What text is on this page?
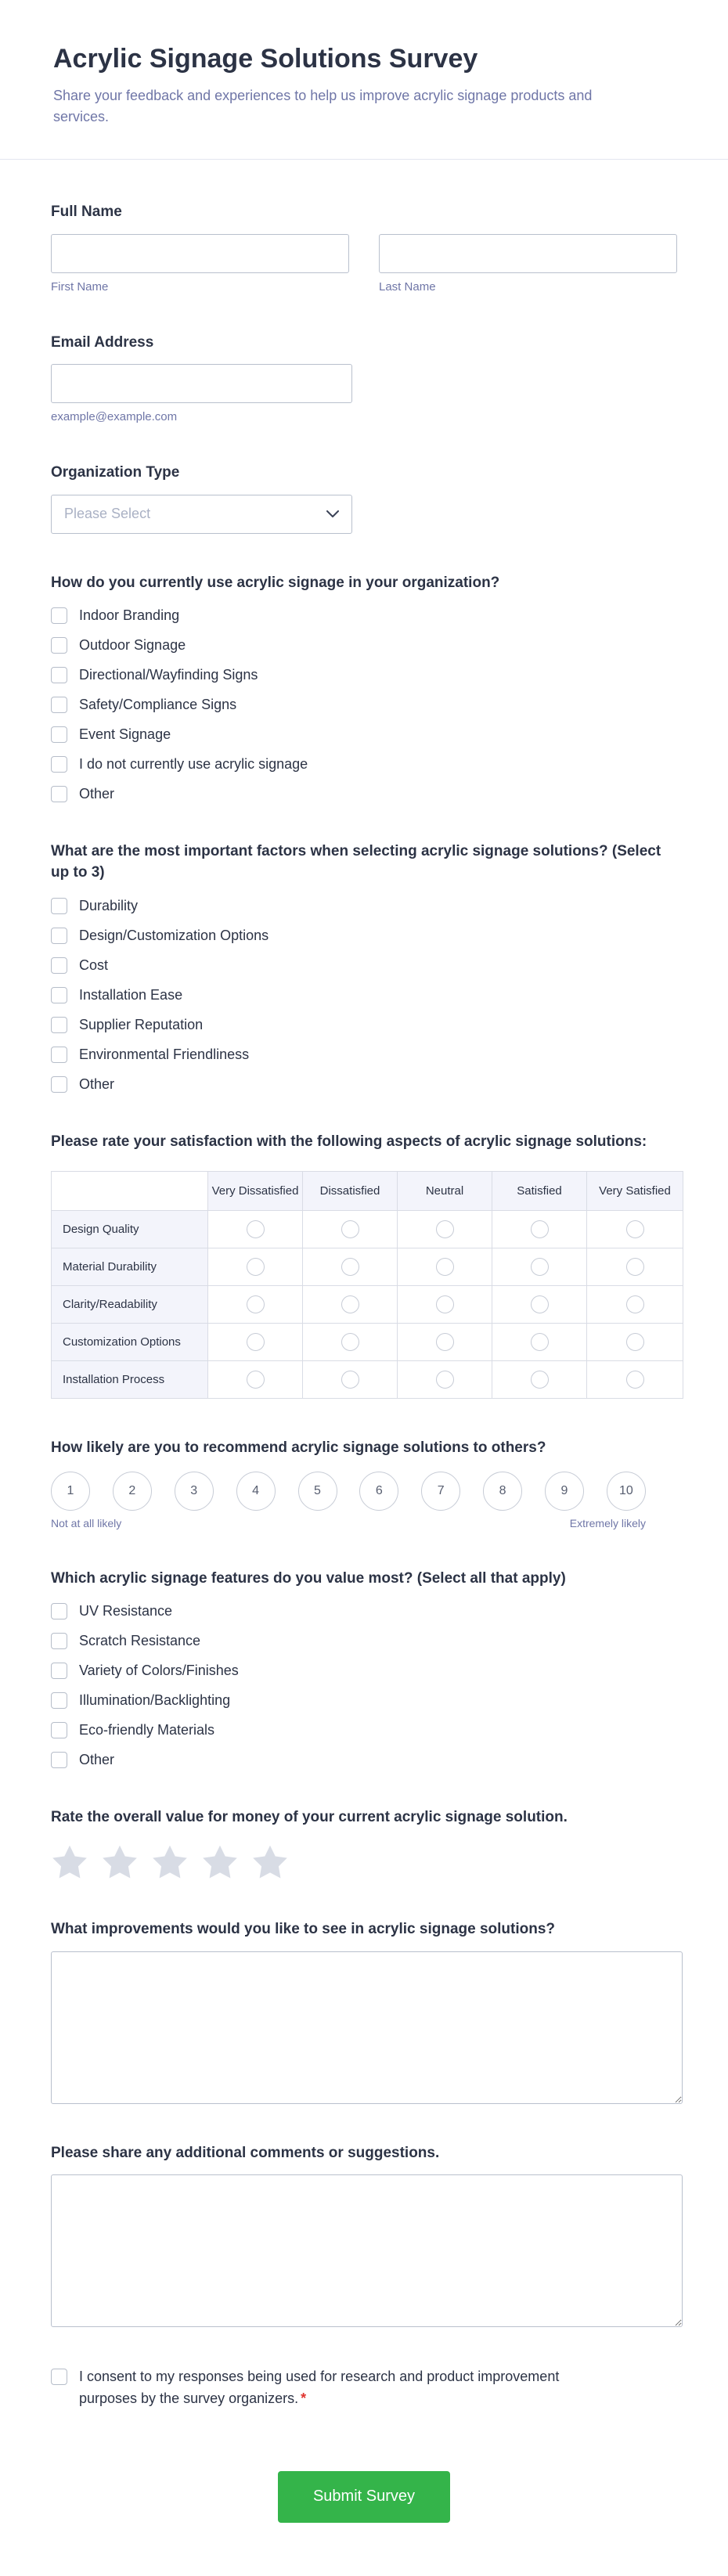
Acrylic Signage Solutions Survey

Share your feedback and experiences to help us improve acrylic signage products and services.

Full Name
First Name	Last Name
Email Address
example@example.com
Organization Type
Please Select
How do you currently use acrylic signage in your organization?
Indoor Branding
Outdoor Signage
Directional/Wayfinding Signs
Safety/Compliance Signs
Event Signage
I do not currently use acrylic signage
Other
What are the most important factors when selecting acrylic signage solutions? (Select up to 3)
Durability
Design/Customization Options
Cost
Installation Ease
Supplier Reputation
Environmental Friendliness
Other
Please rate your satisfaction with the following aspects of acrylic signage solutions:
	Very Dissatisfied	Dissatisfied	Neutral	Satisfied	Very Satisfied
Design Quality					
Material Durability					
Clarity/Readability					
Customization Options					
Installation Process					
How likely are you to recommend acrylic signage solutions to others?
1	2	3	4	5	6	7	8	9	10
Not at all likely	Extremely likely
Which acrylic signage features do you value most? (Select all that apply)
UV Resistance
Scratch Resistance
Variety of Colors/Finishes
Illumination/Backlighting
Eco-friendly Materials
Other
Rate the overall value for money of your current acrylic signage solution.
What improvements would you like to see in acrylic signage solutions?
Please share any additional comments or suggestions.
I consent to my responses being used for research and product improvement purposes by the survey organizers. *
Submit Survey
